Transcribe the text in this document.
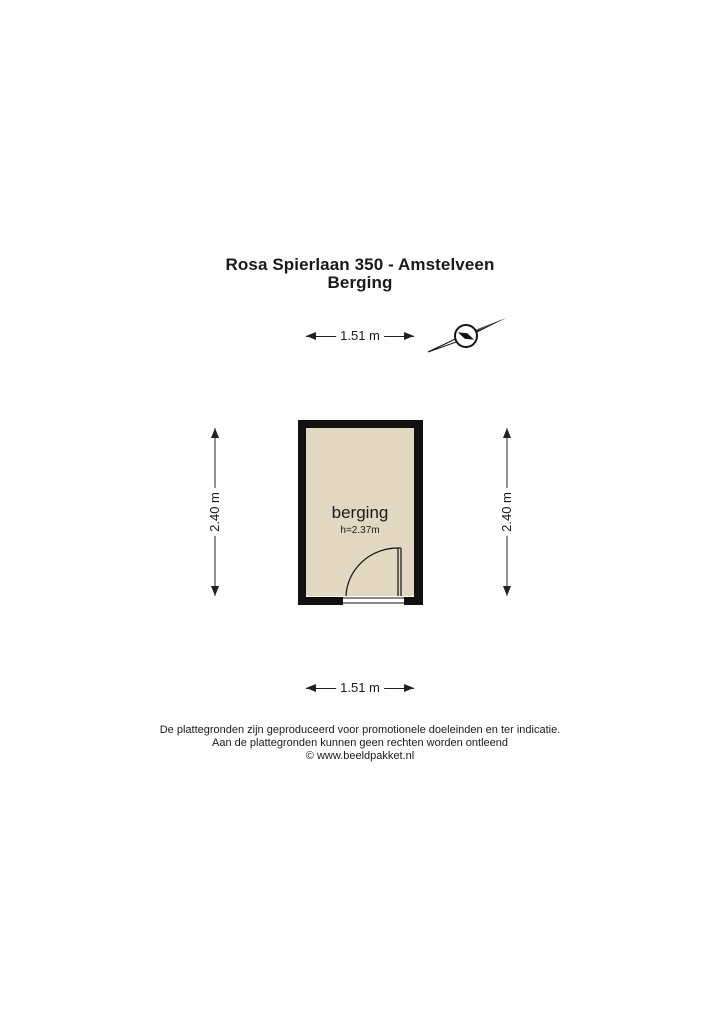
Rosa Spierlaan 350 - Amstelveen
Berging
1.51 m
1.51 m
2.40 m	2.40 m
berging
h=2.37m
De plattegronden zijn geproduceerd voor promotionele doeleinden en ter indicatie.
Aan de plattegronden kunnen geen rechten worden ontleend
© www.beeldpakket.nl
